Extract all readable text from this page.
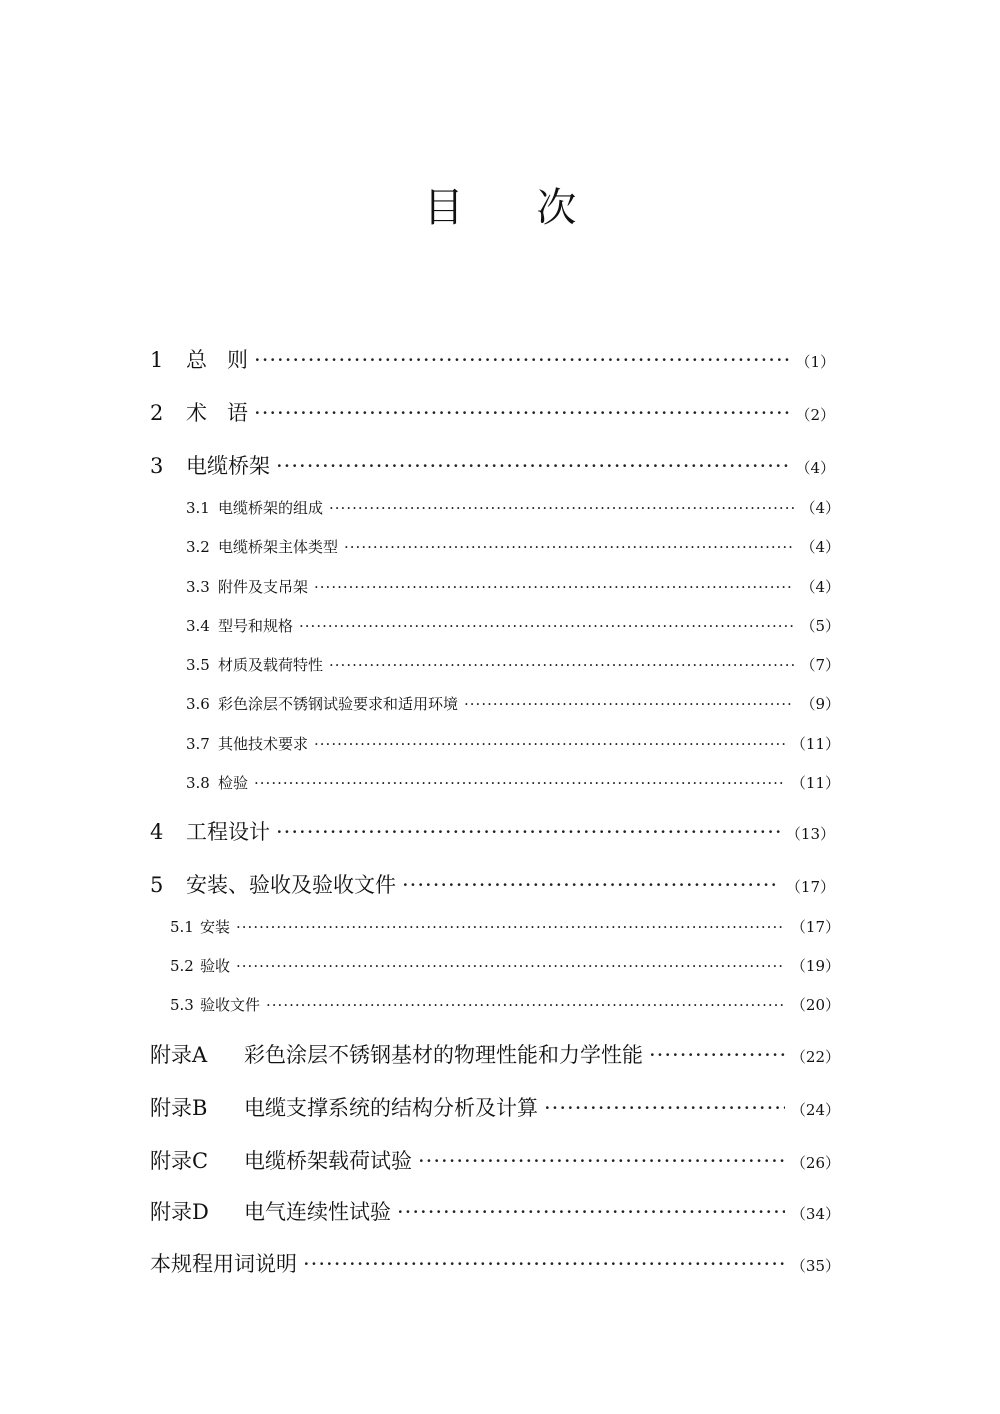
目 次
1	总   则 ·····	（1）
2	术   语 ·····	（2）
3	电缆桥架 ·····	（4）
3.1 电缆桥架的组成 ·····	（4）
3.2 电缆桥架主体类型 ·····	（4）
3.3 附件及支吊架 ·····	（4）
3.4 型号和规格 ·····	（5）
3.5 材质及载荷特性 ·····	（7）
3.6 彩色涂层不锈钢试验要求和适用环境 ·····	（9）
3.7 其他技术要求 ·····	（11）
3.8 检验 ·····	（11）
4	工程设计 ·····	（13）
5	安装、验收及验收文件 ·····	（17）
5.1 安装 ·····	（17）
5.2 验收 ·····	（19）
5.3 验收文件 ·····	（20）
附录A	彩色涂层不锈钢基材的物理性能和力学性能 ·····	（22）
附录B	电缆支撑系统的结构分析及计算 ·····	（24）
附录C	电缆桥架载荷试验 ·····	（26）
附录D	电气连续性试验 ·····	（34）
本规程用词说明 ·····	（35）
